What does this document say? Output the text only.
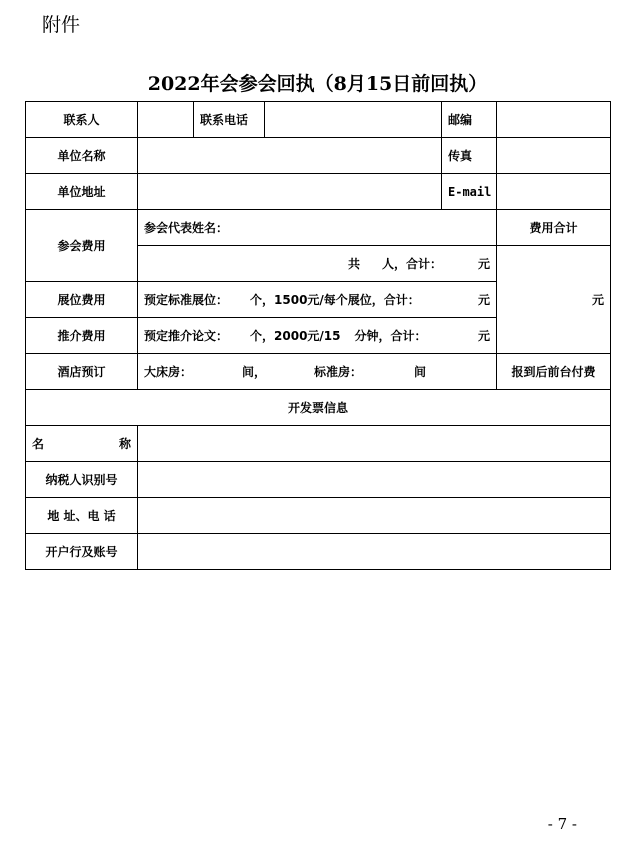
附件
2022年会参会回执（8月15日前回执）
联系人		联系电话		邮编	
单位名称				传真	
单位地址				E-mail	
参会费用	参会代表姓名：				费用合计
	共 人，合计： 元				元
展位费用	预定标准展位： 个，1500元/每个展位，合计： 元				

推介费用	预定推介论文： 个，2000元/15 分钟，合计： 元				

酒店预订	大床房： 间， 标准房： 间				报到后前台付费
开发票信息					
名 称					
纳税人识别号					
地 址、电 话					
开户行及账号					
- 7 -
